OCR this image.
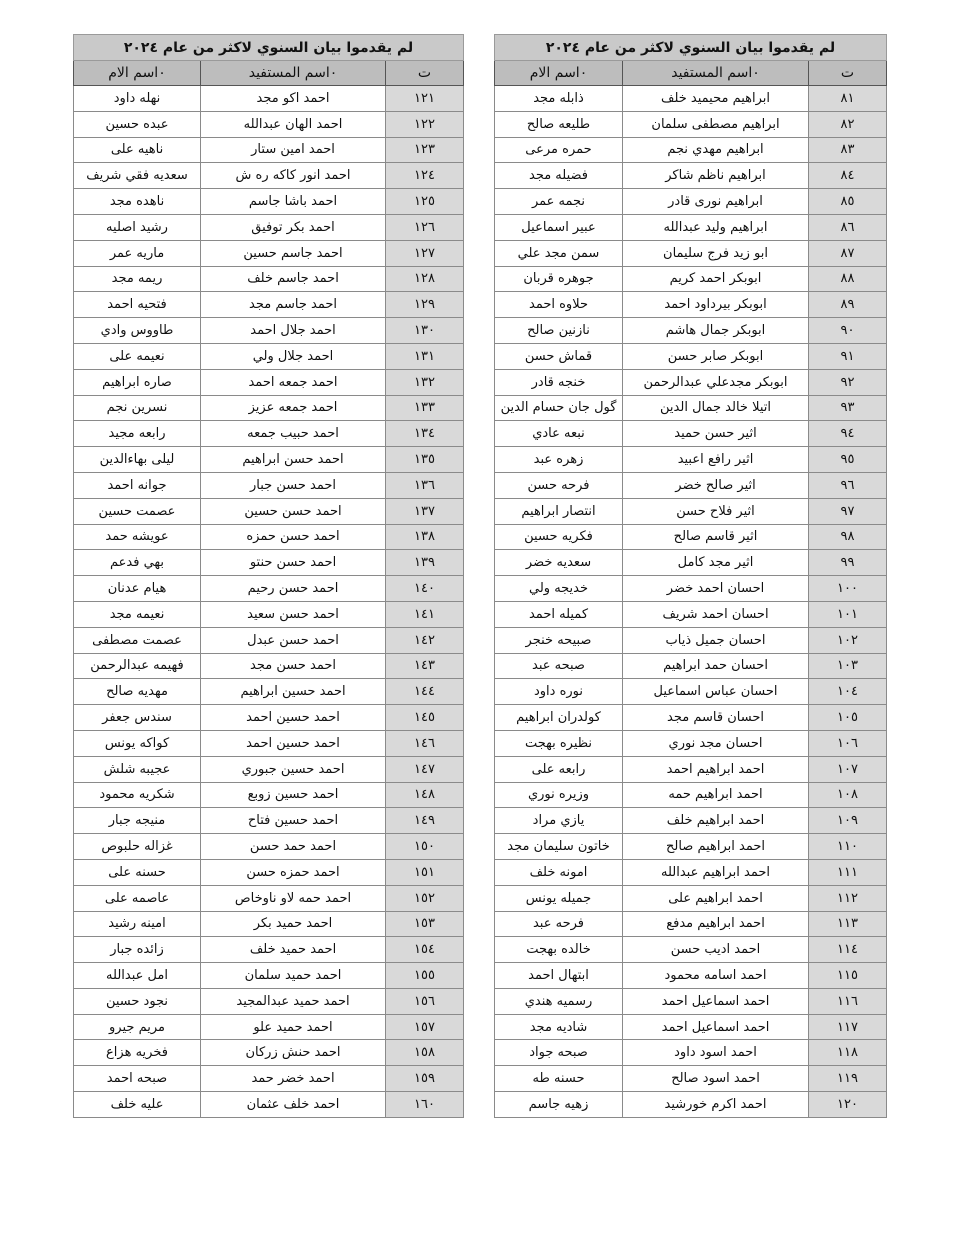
لم يقدموا بيان السنوي لاكثر من عام ٢٠٢٤		
ت	٠اسم المستفيد	٠اسم الام
٨١	ابراهيم محيميد خلف	ذابله مجد
٨٢	ابراهيم مصطفى سلمان	طليعه صالح
٨٣	ابراهيم مهدي نجم	حمره مرعى
٨٤	ابراهيم ناظم شاكر	فضيله مجد
٨٥	ابراهيم نورى قادر	نجمه عمر
٨٦	ابراهيم وليد عبدالله	عبير اسماعيل
٨٧	ابو زيد فرج سليمان	سمن مجد علي
٨٨	ابوبكر احمد كريم	جوهره قربان
٨٩	ابوبكر بيرداود احمد	حلاوه احمد
٩٠	ابوبكر جمال هاشم	نازنين صالح
٩١	ابوبكر صابر حسن	قماش حسن
٩٢	ابوبكر مجدعلي عبدالرحمن	خنجه قادر
٩٣	اتيلا خالد جمال الدين	گول جان حسام الدين
٩٤	اثير حسن حميد	نبعه عادي
٩٥	اثير رافع اعبيد	زهره عبد
٩٦	اثير صالح خضر	فرحه حسن
٩٧	اثير فلاح حسن	انتصار ابراهيم
٩٨	اثير قاسم صالح	فكريه حسين
٩٩	اثير مجد كامل	سعديه خضر
١٠٠	احسان احمد خضر	خديجه ولي
١٠١	احسان احمد شريف	كميله احمد
١٠٢	احسان جميل ذياب	صبيحه خنجر
١٠٣	احسان حمد ابراهيم	صبحه عبد
١٠٤	احسان عباس اسماعيل	نوره داود
١٠٥	احسان قاسم مجد	كولدران ابراهيم
١٠٦	احسان مجد نوري	نظيره بهجت
١٠٧	احمد ابراهيم احمد	رابعه على
١٠٨	احمد ابراهيم حمه	وزيره نوري
١٠٩	احمد ابراهيم خلف	يازي مراد
١١٠	احمد ابراهيم صالح	خاتون سليمان مجد
١١١	احمد ابراهيم عبدالله	امونه خلف
١١٢	احمد ابراهيم على	جميله يونس
١١٣	احمد ابراهيم مدفع	فرحه عبد
١١٤	احمد اديب حسن	خالده بهجت
١١٥	احمد اسامه محمود	ابتهال احمد
١١٦	احمد اسماعيل احمد	رسميه هندي
١١٧	احمد اسماعيل احمد	شاديه مجد
١١٨	احمد اسود داود	صبحه جواد
١١٩	احمد اسود صالح	حسنه طه
١٢٠	احمد اكرم خورشيد	زهيه جاسم
لم يقدموا بيان السنوي لاكثر من عام ٢٠٢٤		
ت	٠اسم المستفيد	٠اسم الام
١٢١	احمد اكو مجد	نهله داود
١٢٢	احمد الهان عبدالله	عبده حسين
١٢٣	احمد امين ستار	ناهيه على
١٢٤	احمد انور كاكه ره ش	سعديه فقي شريف
١٢٥	احمد باشا جاسم	ناهده مجد
١٢٦	احمد بكر توفيق	رشيد اصليه
١٢٧	احمد جاسم حسين	ماريه عمر
١٢٨	احمد جاسم خلف	ريمه مجد
١٢٩	احمد جاسم مجد	فتحيه احمد
١٣٠	احمد جلال احمد	طاووس وادي
١٣١	احمد جلال ولي	نعيمه على
١٣٢	احمد جمعه احمد	صاره ابراهيم
١٣٣	احمد جمعه عزيز	نسرين نجم
١٣٤	احمد حبيب جمعه	رابعه مجيد
١٣٥	احمد حسن ابراهيم	ليلى بهاءالدين
١٣٦	احمد حسن جبار	جوانه احمد
١٣٧	احمد حسن حسين	عصمت حسين
١٣٨	احمد حسن حمزه	عويشه حمد
١٣٩	احمد حسن حنتو	بهي فدعم
١٤٠	احمد حسن رحيم	هيام عدنان
١٤١	احمد حسن سعيد	نعيمه مجد
١٤٢	احمد حسن عبدل	عصمت مصطفى
١٤٣	احمد حسن مجد	فهيمه عبدالرحمن
١٤٤	احمد حسين ابراهيم	مهديه صالح
١٤٥	احمد حسين احمد	سندس جعفر
١٤٦	احمد حسين احمد	كواكه يونس
١٤٧	احمد حسين جبوري	عجيبه شلش
١٤٨	احمد حسين زوبع	شكريه محمود
١٤٩	احمد حسين فتاح	منيجه جبار
١٥٠	احمد حمد حسن	غزاله حلبوص
١٥١	احمد حمزه حسن	حسنه على
١٥٢	احمد حمه لاو ناوخاص	عاصمه على
١٥٣	احمد حميد بكر	امينه رشيد
١٥٤	احمد حميد خلف	زائده جبار
١٥٥	احمد حميد سلمان	امل عبدالله
١٥٦	احمد حميد عبدالمجيد	نجود حسين
١٥٧	احمد حميد علو	مريم جيرو
١٥٨	احمد حنش زركان	فخريه هزاع
١٥٩	احمد خضر حمد	صبحه احمد
١٦٠	احمد خلف عثمان	عليه خلف
